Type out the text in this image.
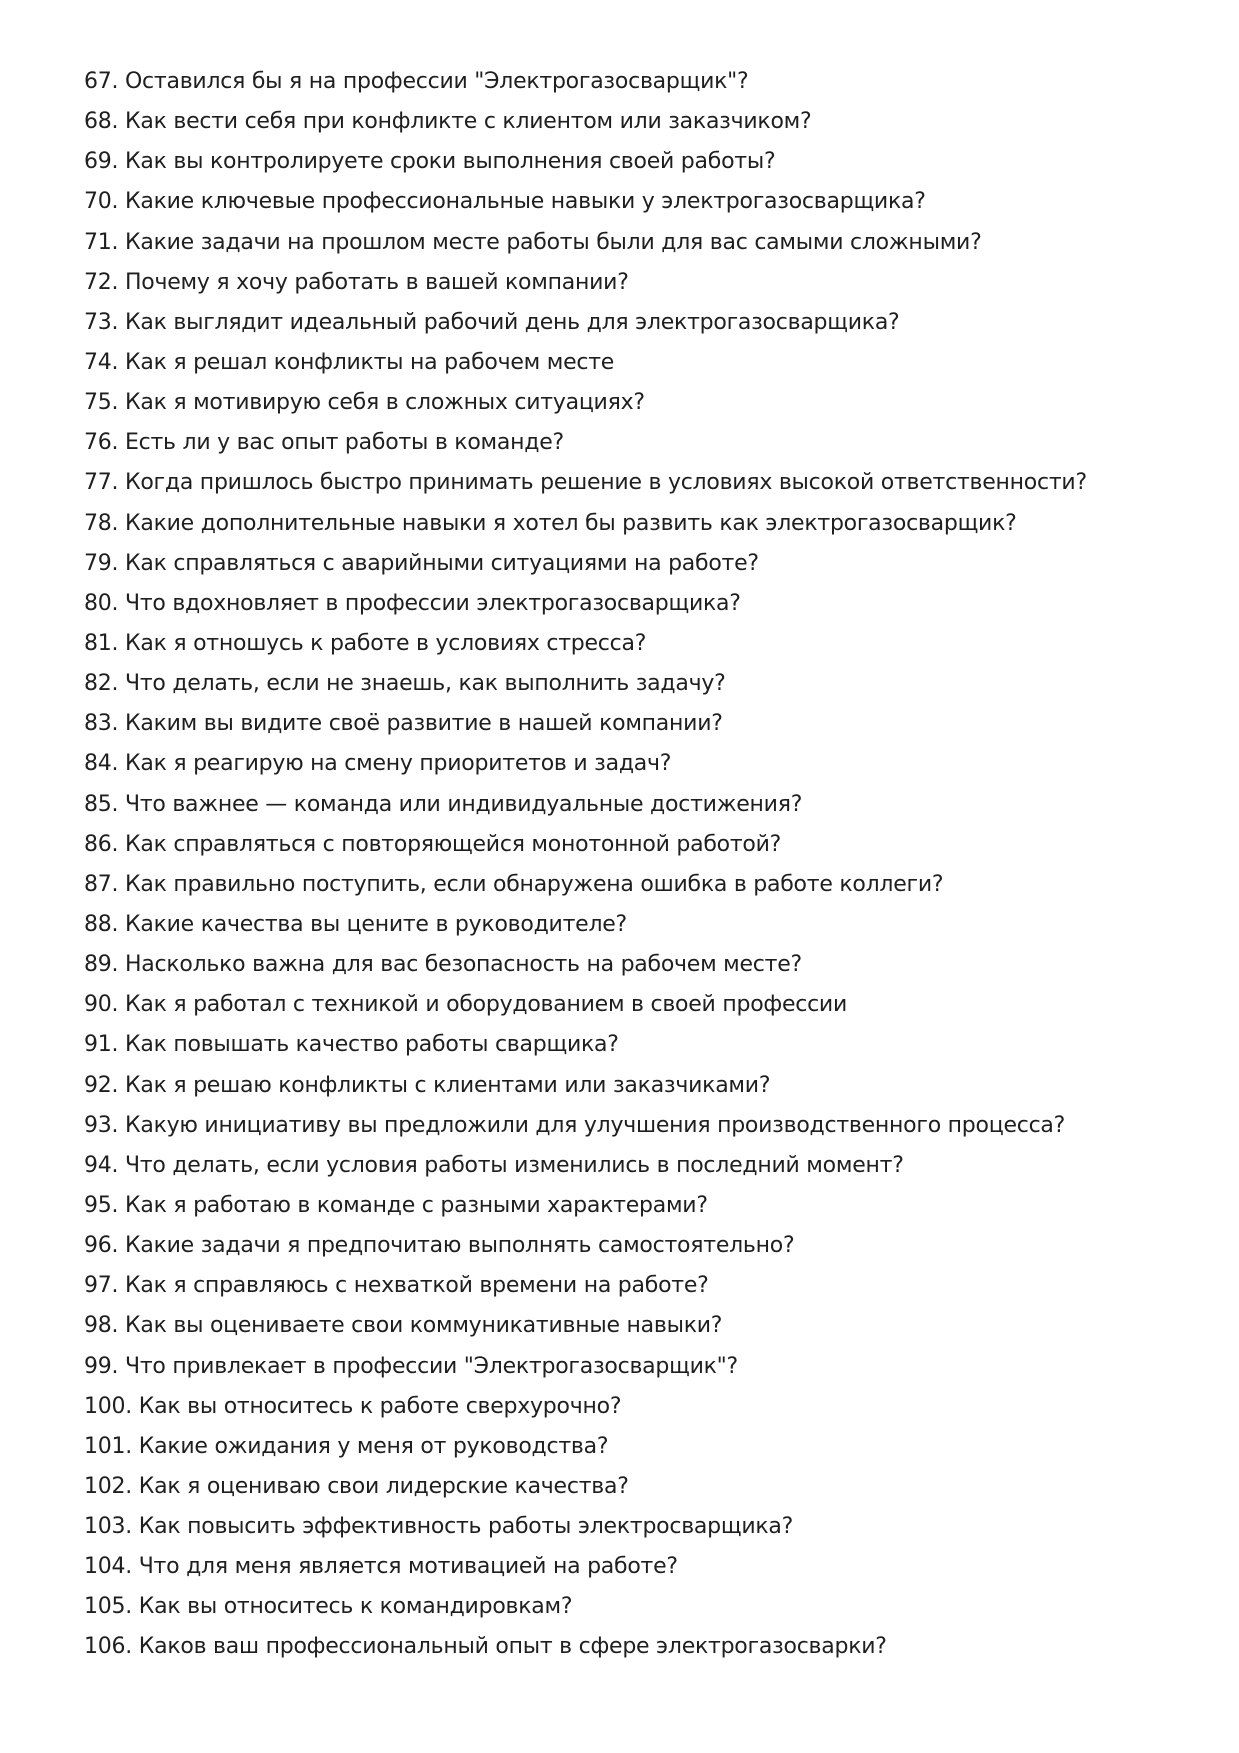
67. Оставился бы я на профессии "Электрогазосварщик"?
68. Как вести себя при конфликте с клиентом или заказчиком?
69. Как вы контролируете сроки выполнения своей работы?
70. Какие ключевые профессиональные навыки у электрогазосварщика?
71. Какие задачи на прошлом месте работы были для вас самыми сложными?
72. Почему я хочу работать в вашей компании?
73. Как выглядит идеальный рабочий день для электрогазосварщика?
74. Как я решал конфликты на рабочем месте
75. Как я мотивирую себя в сложных ситуациях?
76. Есть ли у вас опыт работы в команде?
77. Когда пришлось быстро принимать решение в условиях высокой ответственности?
78. Какие дополнительные навыки я хотел бы развить как электрогазосварщик?
79. Как справляться с аварийными ситуациями на работе?
80. Что вдохновляет в профессии электрогазосварщика?
81. Как я отношусь к работе в условиях стресса?
82. Что делать, если не знаешь, как выполнить задачу?
83. Каким вы видите своё развитие в нашей компании?
84. Как я реагирую на смену приоритетов и задач?
85. Что важнее — команда или индивидуальные достижения?
86. Как справляться с повторяющейся монотонной работой?
87. Как правильно поступить, если обнаружена ошибка в работе коллеги?
88. Какие качества вы цените в руководителе?
89. Насколько важна для вас безопасность на рабочем месте?
90. Как я работал с техникой и оборудованием в своей профессии
91. Как повышать качество работы сварщика?
92. Как я решаю конфликты с клиентами или заказчиками?
93. Какую инициативу вы предложили для улучшения производственного процесса?
94. Что делать, если условия работы изменились в последний момент?
95. Как я работаю в команде с разными характерами?
96. Какие задачи я предпочитаю выполнять самостоятельно?
97. Как я справляюсь с нехваткой времени на работе?
98. Как вы оцениваете свои коммуникативные навыки?
99. Что привлекает в профессии "Электрогазосварщик"?
100. Как вы относитесь к работе сверхурочно?
101. Какие ожидания у меня от руководства?
102. Как я оцениваю свои лидерские качества?
103. Как повысить эффективность работы электросварщика?
104. Что для меня является мотивацией на работе?
105. Как вы относитесь к командировкам?
106. Каков ваш профессиональный опыт в сфере электрогазосварки?
